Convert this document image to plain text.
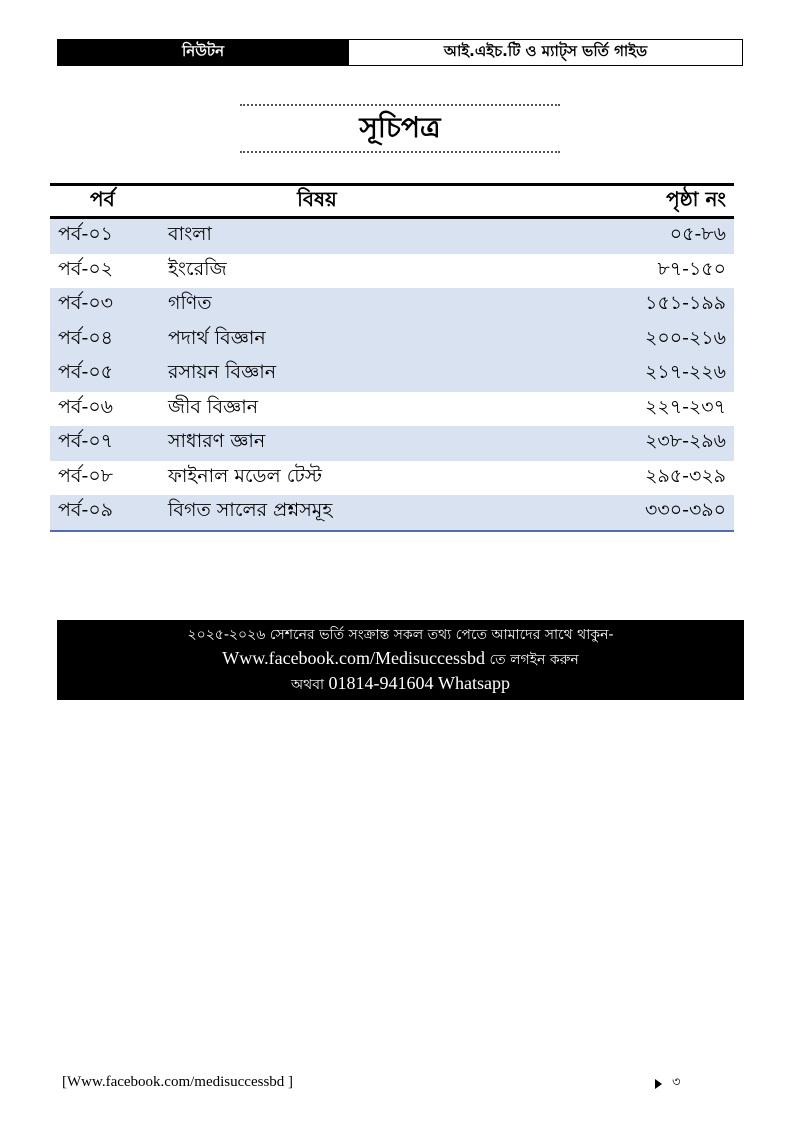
নিউটন	আই.এইচ.টি ও ম্যাট্স ভর্তি গাইড
সূচিপত্র
পর্ব	বিষয়	পৃষ্ঠা নং
পর্ব-০১	বাংলা	০৫-৮৬
পর্ব-০২	ইংরেজি	৮৭-১৫০
পর্ব-০৩	গণিত	১৫১-১৯৯
পর্ব-০৪	পদার্থ বিজ্ঞান	২০০-২১৬
পর্ব-০৫	রসায়ন বিজ্ঞান	২১৭-২২৬
পর্ব-০৬	জীব বিজ্ঞান	২২৭-২৩৭
পর্ব-০৭	সাধারণ জ্ঞান	২৩৮-২৯৬
পর্ব-০৮	ফাইনাল মডেল টেস্ট	২৯৫-৩২৯
পর্ব-০৯	বিগত সালের প্রশ্নসমূহ	৩৩০-৩৯০
২০২৫-২০২৬ সেশনের ভর্তি সংক্রান্ত সকল তথ্য পেতে আমাদের সাথে থাকুন-
Www.facebook.com/Medisuccessbd তে লগইন করুন
অথবা 01814-941604 Whatsapp
[Www.facebook.com/medisuccessbd ]	৩
